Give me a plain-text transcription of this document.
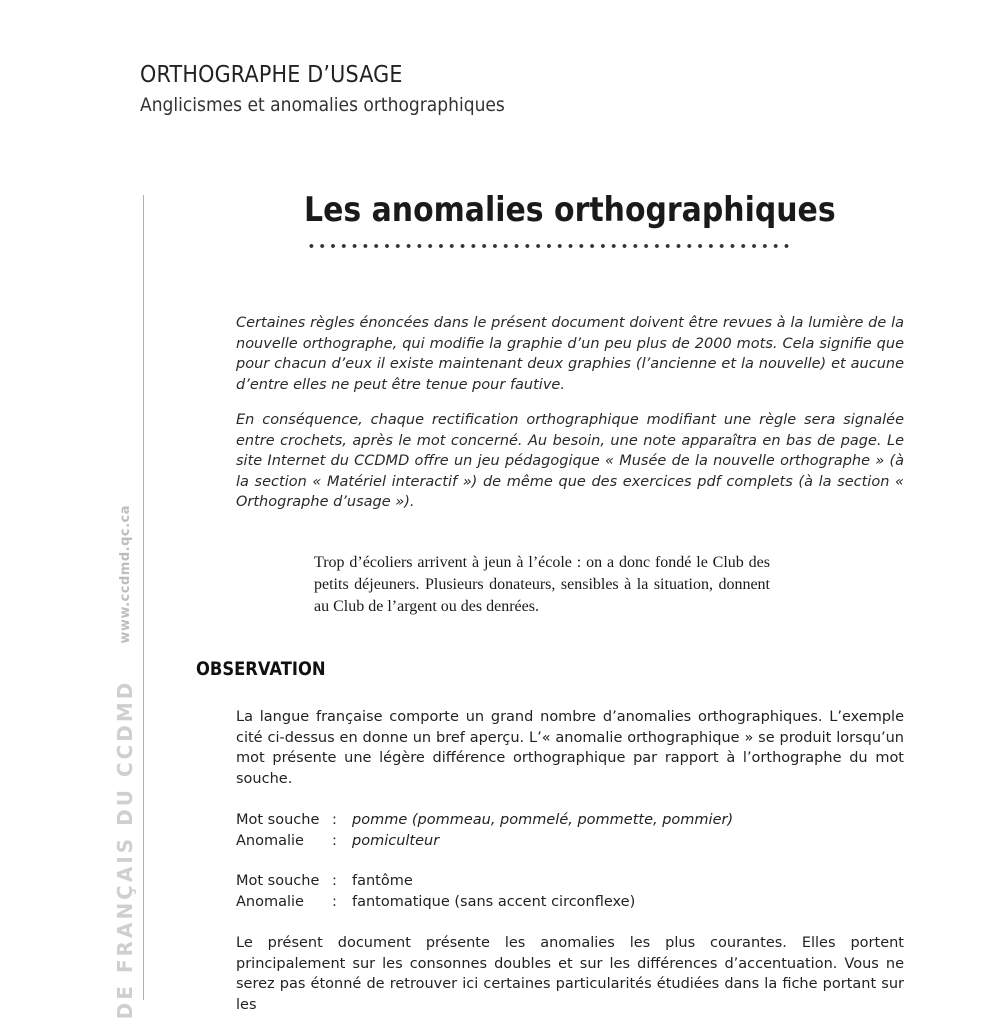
ORTHOGRAPHE D’USAGE
Anglicismes et anomalies orthographiques
DE FRANÇAIS DU CCDMD
www.ccdmd.qc.ca
Les anomalies orthographiques

Certaines règles énoncées dans le présent document doivent être revues à la lumière de la nouvelle orthographe, qui modifie la graphie d’un peu plus de 2000 mots. Cela signifie que pour chacun d’eux il existe maintenant deux graphies (l’ancienne et la nouvelle) et aucune d’entre elles ne peut être tenue pour fautive.

En conséquence, chaque rectification orthographique modifiant une règle sera signalée entre crochets, après le mot concerné. Au besoin, une note apparaîtra en bas de page. Le site Internet du CCDMD offre un jeu pédagogique « Musée de la nouvelle orthographe » (à la section « Matériel interactif ») de même que des exercices pdf complets (à la section « Orthographe d’usage »).

Trop d’écoliers arrivent à jeun à l’école : on a donc fondé le Club des petits déjeuners. Plusieurs donateurs, sensibles à la situation, donnent au Club de l’argent ou des denrées.

OBSERVATION

La langue française comporte un grand nombre d’anomalies orthographiques. L’exemple cité ci-dessus en donne un bref aperçu. L’« anomalie orthographique » se produit lorsqu’un mot présente une légère différence orthographique par rapport à l’orthographe du mot souche.

Mot souche :	pomme (pommeau, pommelé, pommette, pommier)
Anomalie	:	pomiculteur
Mot souche :	fantôme
Anomalie	:	fantomatique (sans accent circonflexe)

Le présent document présente les anomalies les plus courantes. Elles portent principalement sur les consonnes doubles et sur les différences d’accentuation. Vous ne serez pas étonné de retrouver ici certaines particularités étudiées dans la fiche portant sur les
